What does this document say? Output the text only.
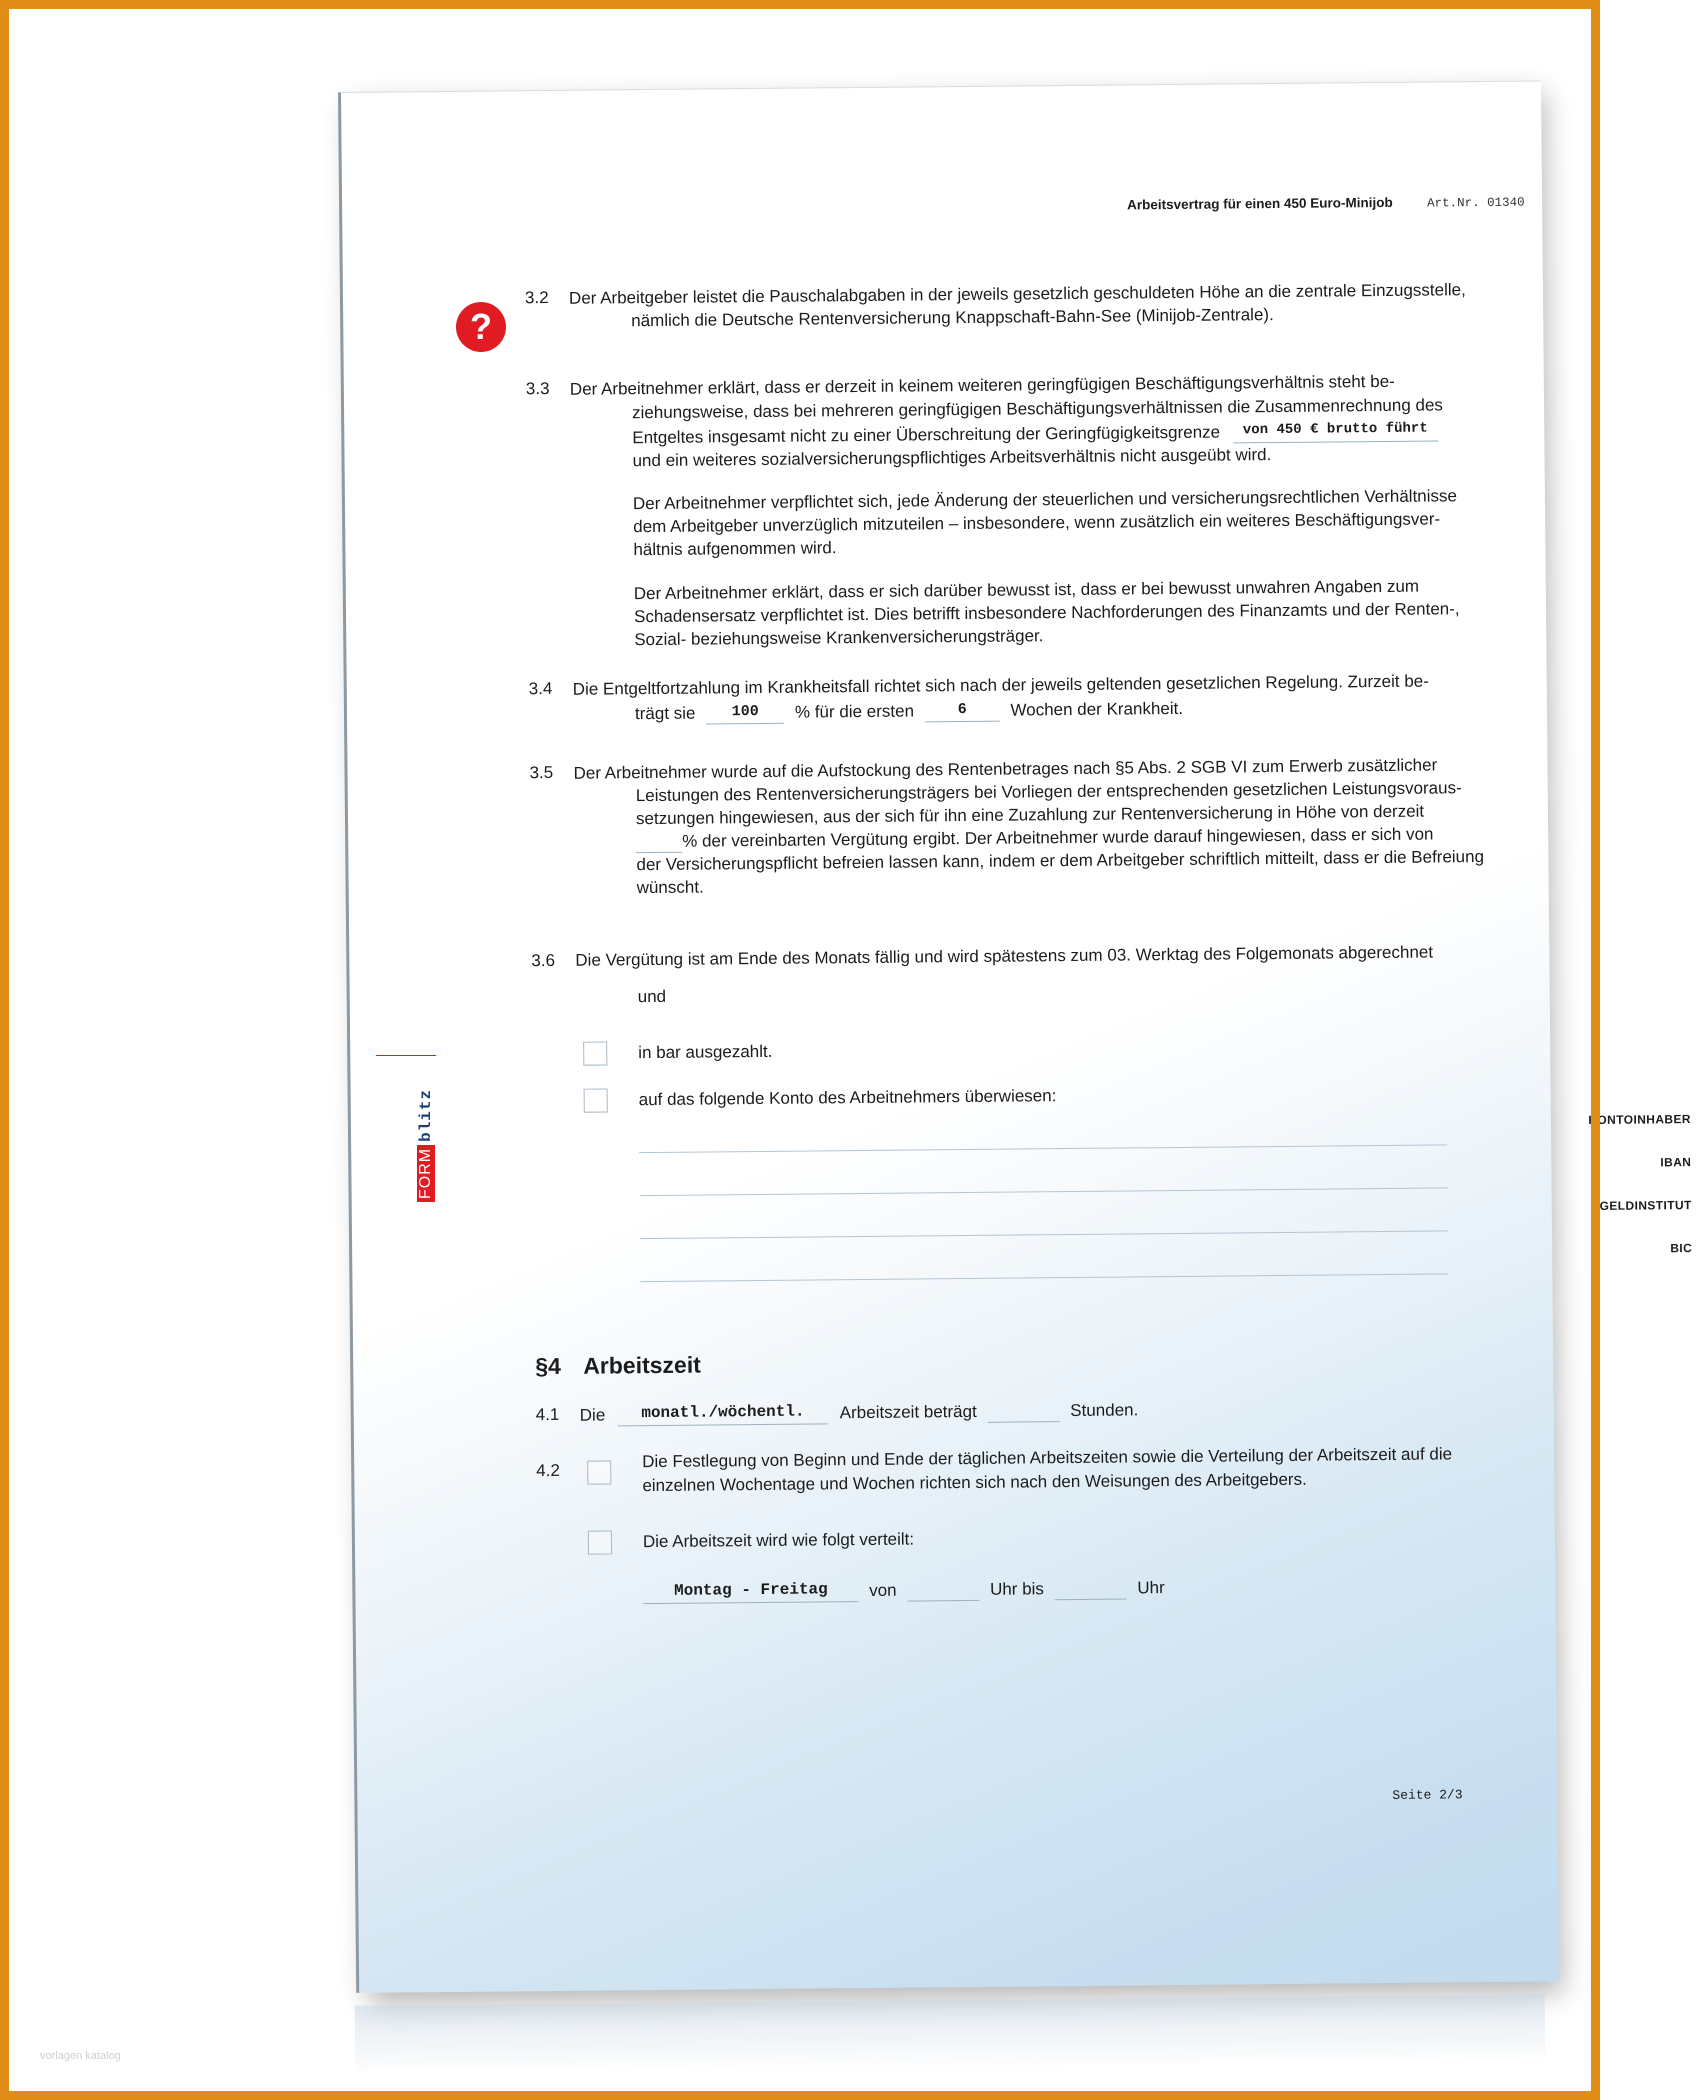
?
FORM
blitz
Arbeitsvertrag für einen 450 Euro-Minijob	Art.Nr. 01340
3.2 Der Arbeitgeber leistet die Pauschalabgaben in der jeweils gesetzlich geschuldeten Höhe an die zentrale Einzugsstelle,
nämlich die Deutsche Rentenversicherung Knappschaft-Bahn-See (Minijob-Zentrale).
3.3 Der Arbeitnehmer erklärt, dass er derzeit in keinem weiteren geringfügigen Beschäftigungsverhältnis steht be-
ziehungsweise, dass bei mehreren geringfügigen Beschäftigungsverhältnissen die Zusammenrechnung des
Entgeltes insgesamt nicht zu einer Überschreitung der Geringfügigkeitsgrenze von 450 € brutto führt
und ein weiteres sozialversicherungspflichtiges Arbeitsverhältnis nicht ausgeübt wird.
Der Arbeitnehmer verpflichtet sich, jede Änderung der steuerlichen und versicherungsrechtlichen Verhältnisse
dem Arbeitgeber unverzüglich mitzuteilen – insbesondere, wenn zusätzlich ein weiteres Beschäftigungsver-
hältnis aufgenommen wird.
Der Arbeitnehmer erklärt, dass er sich darüber bewusst ist, dass er bei bewusst unwahren Angaben zum
Schadensersatz verpflichtet ist. Dies betrifft insbesondere Nachforderungen des Finanzamts und der Renten-,
Sozial- beziehungsweise Krankenversicherungsträger.
3.4 Die Entgeltfortzahlung im Krankheitsfall richtet sich nach der jeweils geltenden gesetzlichen Regelung. Zurzeit be-
trägt sie 100 % für die ersten	6	Wochen der Krankheit.
3.5 Der Arbeitnehmer wurde auf die Aufstockung des Rentenbetrages nach §5 Abs. 2 SGB VI zum Erwerb zusätzlicher
Leistungen des Rentenversicherungsträgers bei Vorliegen der entsprechenden gesetzlichen Leistungsvoraus-
setzungen hingewiesen, aus der sich für ihn eine Zuzahlung zur Rentenversicherung in Höhe von derzeit
% der vereinbarten Vergütung ergibt. Der Arbeitnehmer wurde darauf hingewiesen, dass er sich von
der Versicherungspflicht befreien lassen kann, indem er dem Arbeitgeber schriftlich mitteilt, dass er die Befreiung
wünscht.
3.6 Die Vergütung ist am Ende des Monats fällig und wird spätestens zum 03. Werktag des Folgemonats abgerechnet
und
in bar ausgezahlt.
auf das folgende Konto des Arbeitnehmers überwiesen:
KONTOINHABER
IBAN
GELDINSTITUT
BIC
§4 Arbeitszeit
4.1 Die monatl./wöchentl. Arbeitszeit beträgt	Stunden.
4.2	Die Festlegung von Beginn und Ende der täglichen Arbeitszeiten sowie die Verteilung der Arbeitszeit auf die
einzelnen Wochentage und Wochen richten sich nach den Weisungen des Arbeitgebers.
Die Arbeitszeit wird wie folgt verteilt:
Montag - Freitag von	Uhr bis	Uhr
Seite 2/3
vorlagen katalog
